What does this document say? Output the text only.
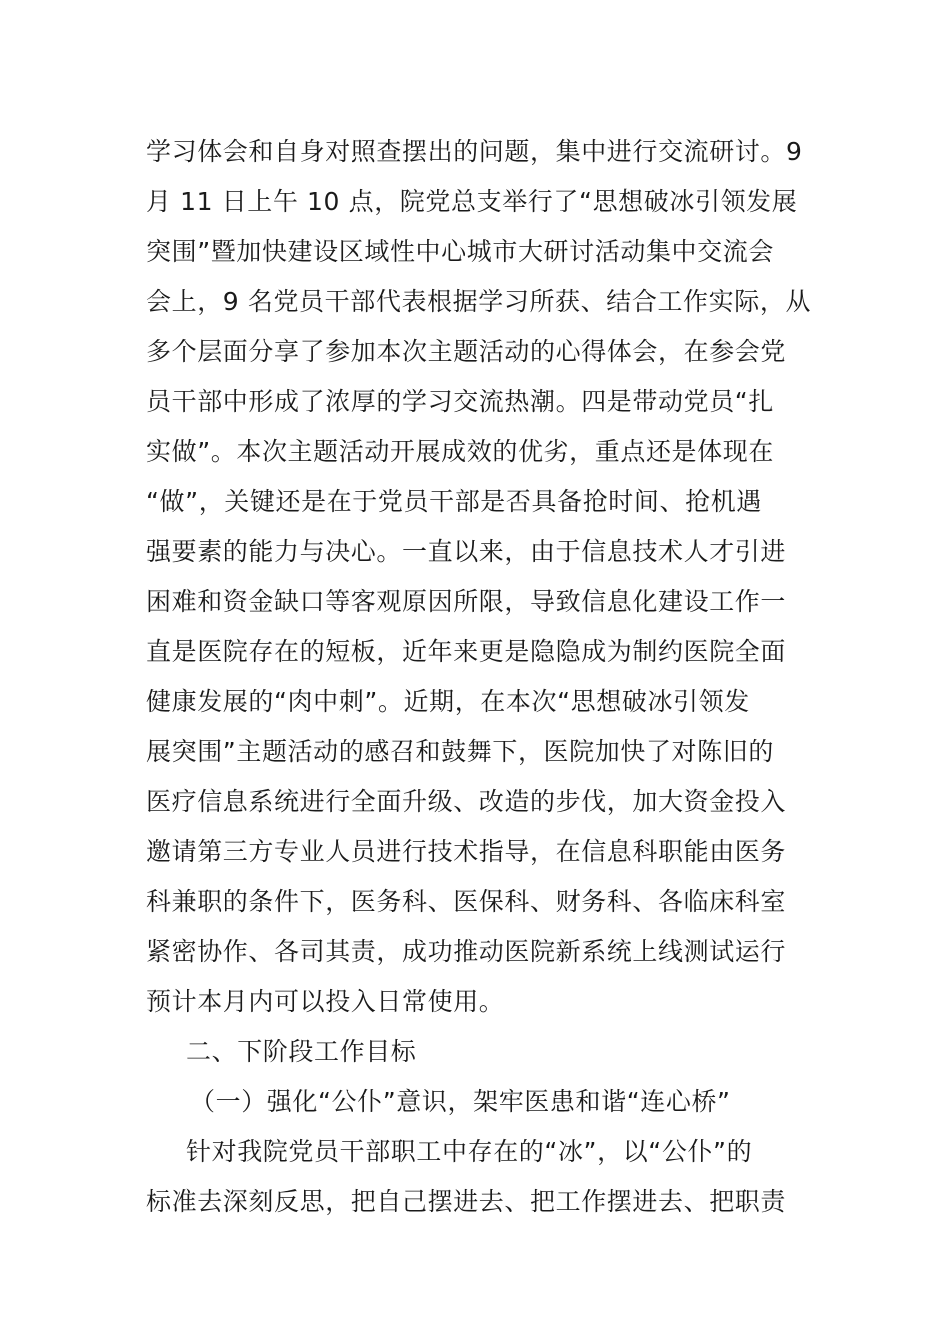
学习体会和自身对照查摆出的问题，集中进行交流研讨。9
月 11 日上午 10 点，院党总支举行了“思想破冰引领发展
突围”暨加快建设区域性中心城市大研讨活动集中交流会
会上，9 名党员干部代表根据学习所获、结合工作实际，从
多个层面分享了参加本次主题活动的心得体会，在参会党
员干部中形成了浓厚的学习交流热潮。四是带动党员“扎
实做”。本次主题活动开展成效的优劣，重点还是体现在
“做”，关键还是在于党员干部是否具备抢时间、抢机遇
强要素的能力与决心。一直以来，由于信息技术人才引进
困难和资金缺口等客观原因所限，导致信息化建设工作一
直是医院存在的短板，近年来更是隐隐成为制约医院全面
健康发展的“肉中刺”。近期，在本次“思想破冰引领发
展突围”主题活动的感召和鼓舞下，医院加快了对陈旧的
医疗信息系统进行全面升级、改造的步伐，加大资金投入
邀请第三方专业人员进行技术指导，在信息科职能由医务
科兼职的条件下，医务科、医保科、财务科、各临床科室
紧密协作、各司其责，成功推动医院新系统上线测试运行
预计本月内可以投入日常使用。
二、下阶段工作目标
（一）强化“公仆”意识，架牢医患和谐“连心桥”
针对我院党员干部职工中存在的“冰”，以“公仆”的
标准去深刻反思，把自己摆进去、把工作摆进去、把职责
